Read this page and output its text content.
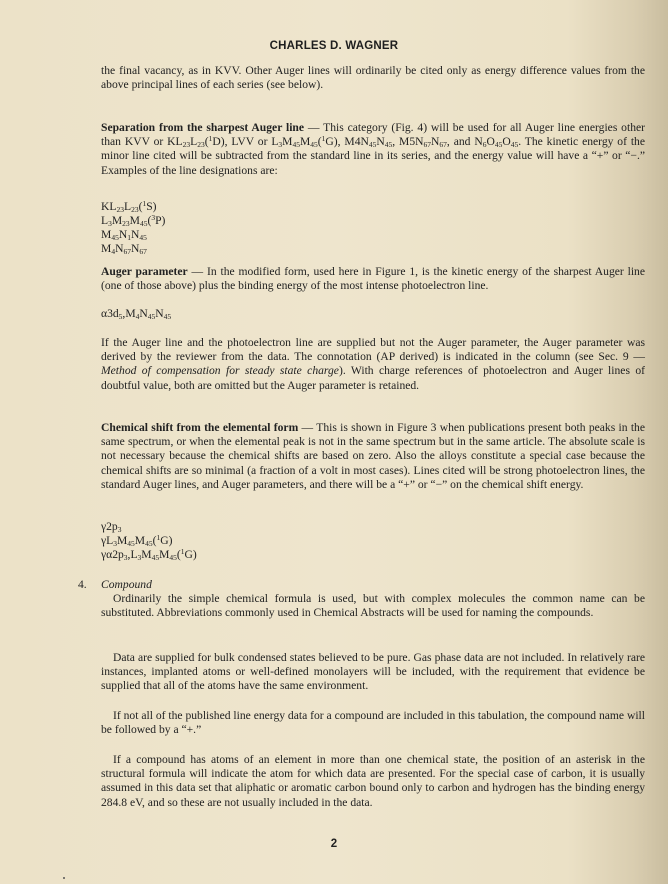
CHARLES D. WAGNER
the final vacancy, as in KVV. Other Auger lines will ordinarily be cited only as energy difference values from the above principal lines of each series (see below).
Separation from the sharpest Auger line — This category (Fig. 4) will be used for all Auger line energies other than KVV or $KL_{23}L_{23}(^1D)$, LVV or $L_3M_{45}M_{45}(^1G)$, $M4N_{45}N_{45}$, $M5N_{67}N_{67}$, and $N_6O_{45}O_{45}$. The kinetic energy of the minor line cited will be subtracted from the standard line in its series, and the energy value will have a “+” or “−.” Examples of the line designations are:
$KL_{23}L_{23}(^1S)$
$L_3M_{23}M_{45}(^3P)$
$M_{45}N_1N_{45}$
$M_4N_{67}N_{67}$
Auger parameter — In the modified form, used here in Figure 1, is the kinetic energy of the sharpest Auger line (one of those above) plus the binding energy of the most intense photoelectron line.
$\alpha 3d_5,M_4N_{45}N_{45}$
If the Auger line and the photoelectron line are supplied but not the Auger parameter, the Auger parameter was derived by the reviewer from the data. The connotation (AP derived) is indicated in the column (see Sec. 9 — Method of compensation for steady state charge). With charge references of photoelectron and Auger lines of doubtful value, both are omitted but the Auger parameter is retained.
Chemical shift from the elemental form — This is shown in Figure 3 when publications present both peaks in the same spectrum, or when the elemental peak is not in the same spectrum but in the same article. The absolute scale is not necessary because the chemical shifts are based on zero. Also the alloys constitute a special case because the chemical shifts are so minimal (a fraction of a volt in most cases). Lines cited will be strong photoelectron lines, the standard Auger lines, and Auger parameters, and there will be a “+” or “−” on the chemical shift energy.
$\gamma 2p_3$
$\gamma L_3M_{45}M_{45}(^1G)$
$\gamma\alpha 2p_3,L_3M_{45}M_{45}(^1G)$
4. Compound
Ordinarily the simple chemical formula is used, but with complex molecules the common name can be substituted. Abbreviations commonly used in Chemical Abstracts will be used for naming the compounds.
Data are supplied for bulk condensed states believed to be pure. Gas phase data are not included. In relatively rare instances, implanted atoms or well-defined monolayers will be included, with the requirement that evidence be supplied that all of the atoms have the same environment.
If not all of the published line energy data for a compound are included in this tabulation, the compound name will be followed by a “+.”
If a compound has atoms of an element in more than one chemical state, the position of an asterisk in the structural formula will indicate the atom for which data are presented. For the special case of carbon, it is usually assumed in this data set that aliphatic or aromatic carbon bound only to carbon and hydrogen has the binding energy 284.8 eV, and so these are not usually included in the data.
2
